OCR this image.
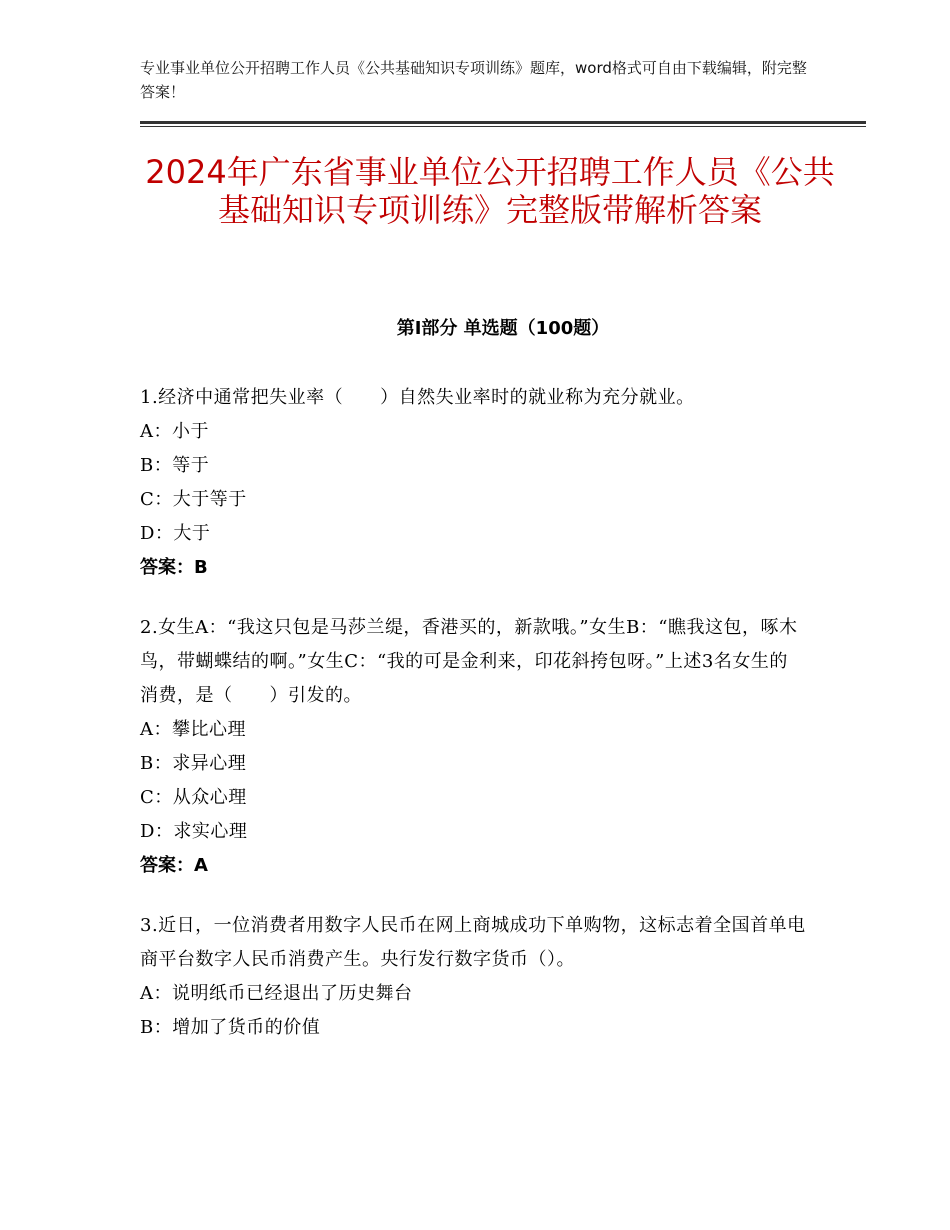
专业事业单位公开招聘工作人员《公共基础知识专项训练》题库，word格式可自由下载编辑，附完整答案！
2024年广东省事业单位公开招聘工作人员《公共基础知识专项训练》完整版带解析答案
第Ⅰ部分 单选题（100题）

1.经济中通常把失业率（　　）自然失业率时的就业称为充分就业。

A：小于

B：等于

C：大于等于

D：大于

答案：B

2.女生A：“我这只包是马莎兰缇，香港买的，新款哦。”女生B：“瞧我这包，啄木鸟，带蝴蝶结的啊。”女生C：“我的可是金利来，印花斜挎包呀。”上述3名女生的消费，是（　　）引发的。

A：攀比心理

B：求异心理

C：从众心理

D：求实心理

答案：A

3.近日，一位消费者用数字人民币在网上商城成功下单购物，这标志着全国首单电商平台数字人民币消费产生。央行发行数字货币（）。

A：说明纸币已经退出了历史舞台

B：增加了货币的价值
